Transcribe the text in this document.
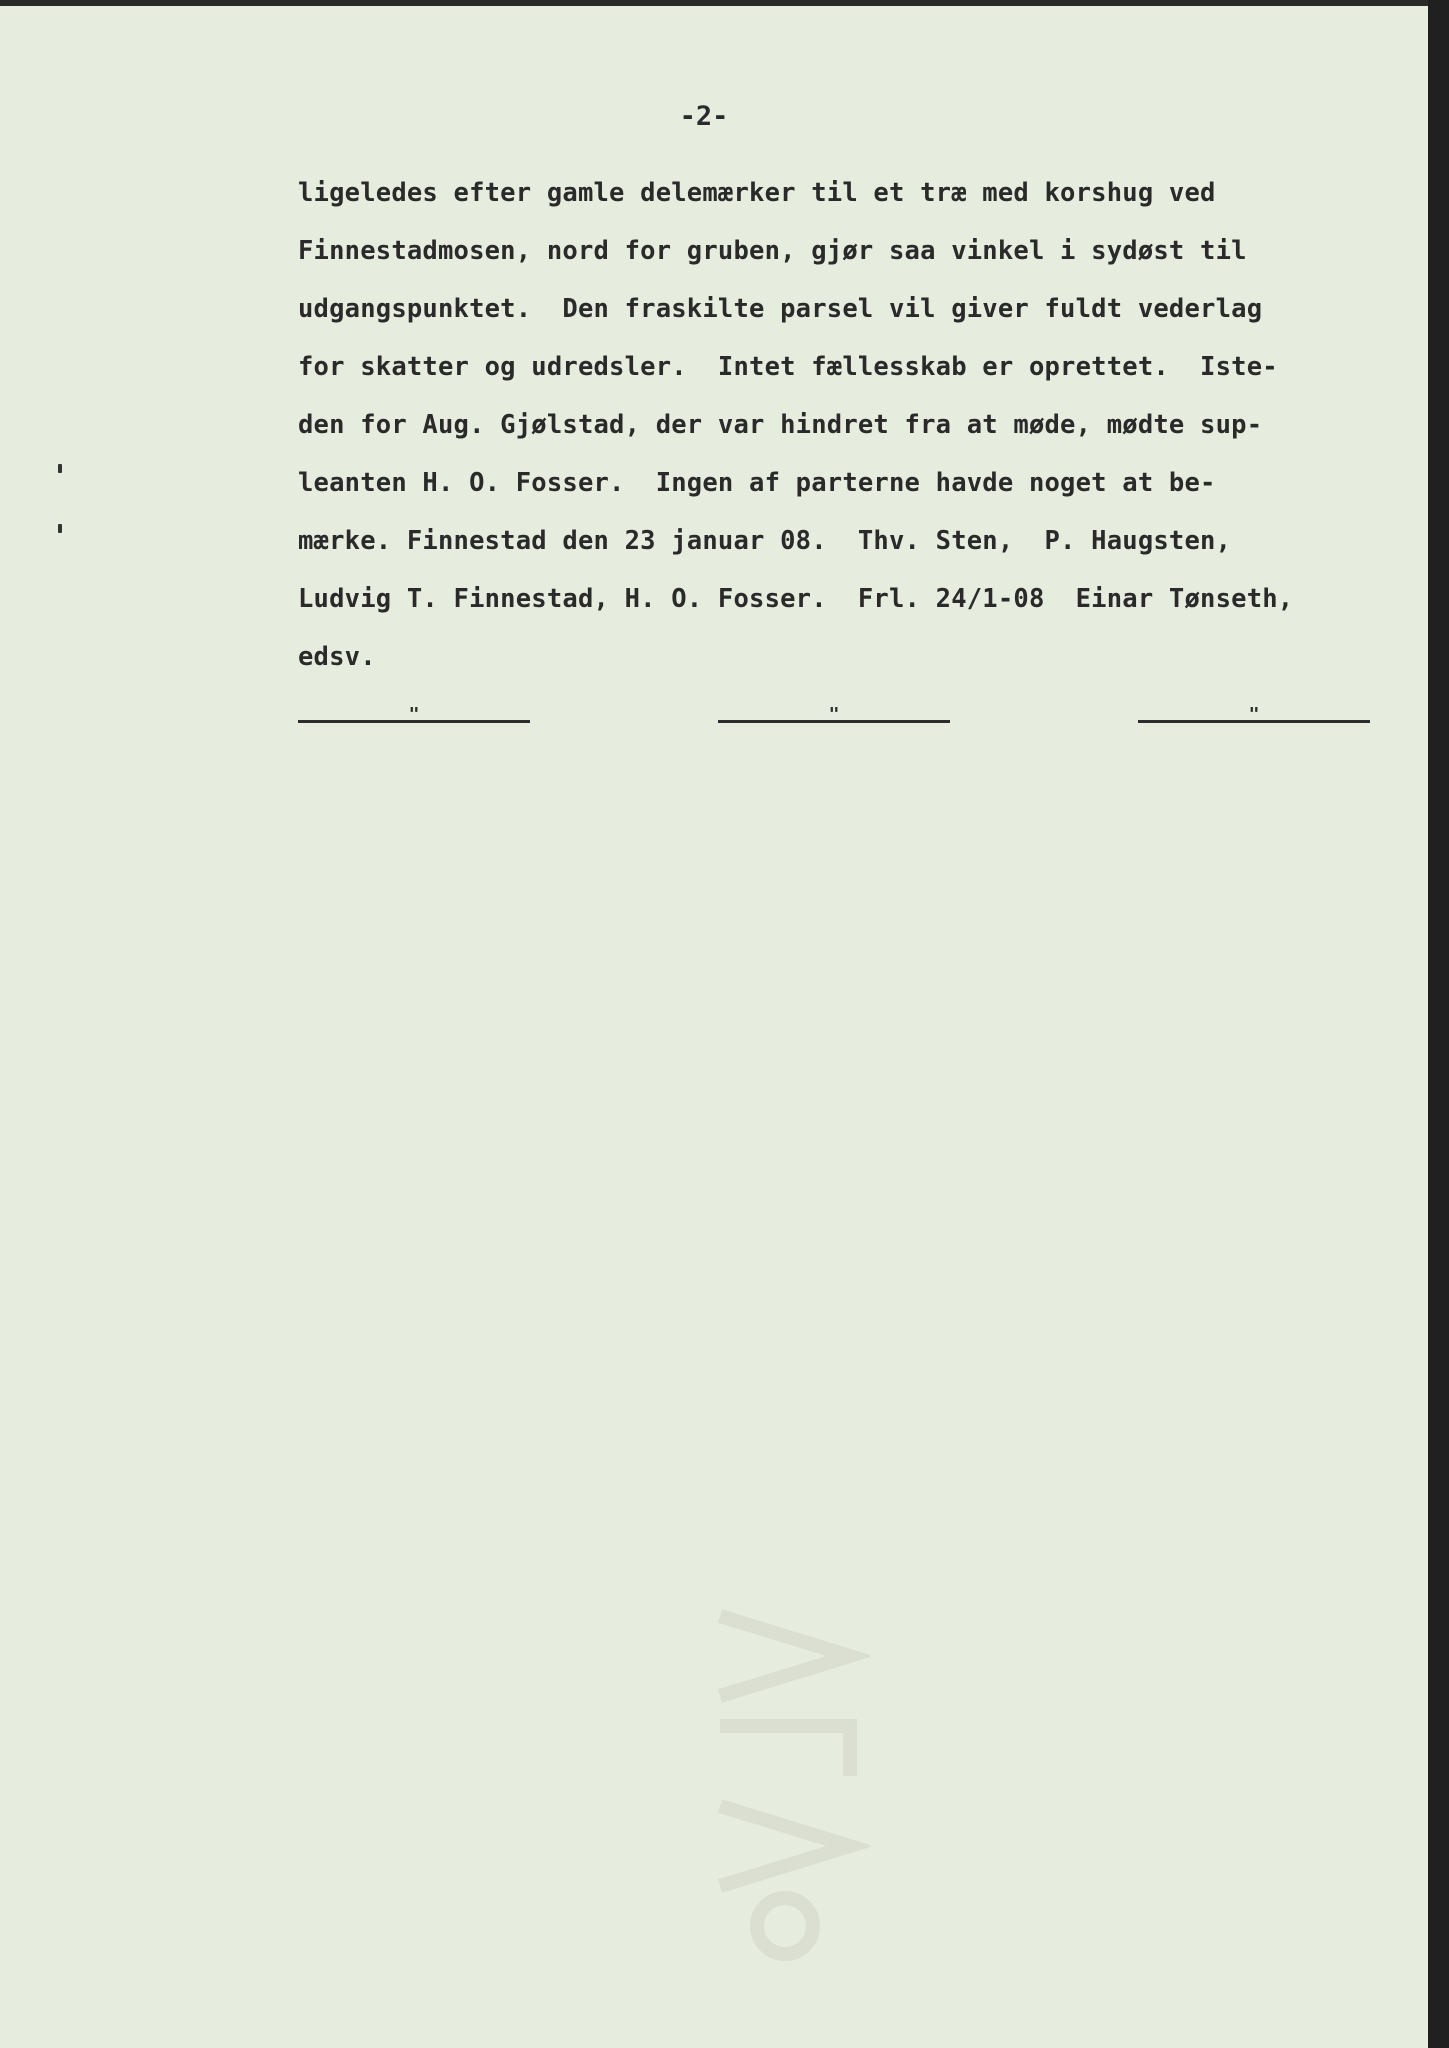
-2-
ligeledes efter gamle delemærker til et træ med korshug ved
Finnestadmosen, nord for gruben, gjør saa vinkel i sydøst til
udgangspunktet.  Den fraskilte parsel vil giver fuldt vederlag
for skatter og udredsler.  Intet fællesskab er oprettet.  Iste-
den for Aug. Gjølstad, der var hindret fra at møde, mødte sup-
leanten H. O. Fosser.  Ingen af parterne havde noget at be-
mærke. Finnestad den 23 januar 08.  Thv. Sten,  P. Haugsten,
Ludvig T. Finnestad, H. O. Fosser.  Frl. 24/1-08  Einar Tønseth,
edsv.
"	"	"
